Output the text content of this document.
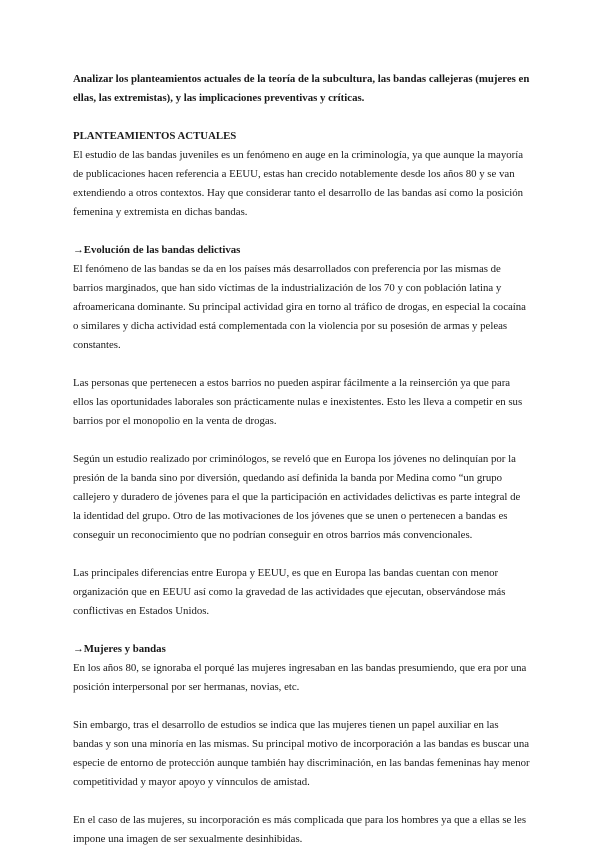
Analizar los planteamientos actuales de la teoría de la subcultura, las bandas callejeras (mujeres en ellas, las extremistas), y las implicaciones preventivas y críticas.

PLANTEAMIENTOS ACTUALES

El estudio de las bandas juveniles es un fenómeno en auge en la criminología, ya que aunque la mayoría de publicaciones hacen referencia a EEUU, estas han crecido notablemente desde los años 80 y se van extendiendo a otros contextos. Hay que considerar tanto el desarrollo de las bandas así como la posición femenina y extremista en dichas bandas.

→Evolución de las bandas delictivas

El fenómeno de las bandas se da en los países más desarrollados con preferencia por las mismas de barrios marginados, que han sido víctimas de la industrialización de los 70 y con población latina y afroamericana dominante. Su principal actividad gira en torno al tráfico de drogas, en especial la cocaína o similares y dicha actividad está complementada con la violencia por su posesión de armas y peleas constantes.

Las personas que pertenecen a estos barrios no pueden aspirar fácilmente a la reinserción ya que para ellos las oportunidades laborales son prácticamente nulas e inexistentes. Esto les lleva a competir en sus barrios por el monopolio en la venta de drogas.

Según un estudio realizado por criminólogos, se reveló que en Europa los jóvenes no delinquían por la presión de la banda sino por diversión, quedando así definida la banda por Medina como “un grupo callejero y duradero de jóvenes para el que la participación en actividades delictivas es parte integral de la identidad del grupo. Otro de las motivaciones de los jóvenes que se unen o pertenecen a bandas es conseguir un reconocimiento que no podrían conseguir en otros barrios más convencionales.

Las principales diferencias entre Europa y EEUU, es que en Europa las bandas cuentan con menor organización que en EEUU así como la gravedad de las actividades que ejecutan, observándose más conflictivas en Estados Unidos.

→Mujeres y bandas

En los años 80, se ignoraba el porqué las mujeres ingresaban en las bandas presumiendo, que era por una posición interpersonal por ser hermanas, novias, etc.

Sin embargo, tras el desarrollo de estudios se indica que las mujeres tienen un papel auxiliar en las bandas y son una minoría en las mismas. Su principal motivo de incorporación a las bandas es buscar una especie de entorno de protección aunque también hay discriminación, en las bandas femeninas hay menor competitividad y mayor apoyo y vínnculos de amistad.

En el caso de las mujeres, su incorporación es más complicada que para los hombres ya que a ellas se les impone una imagen de ser sexualmente desinhibidas.
